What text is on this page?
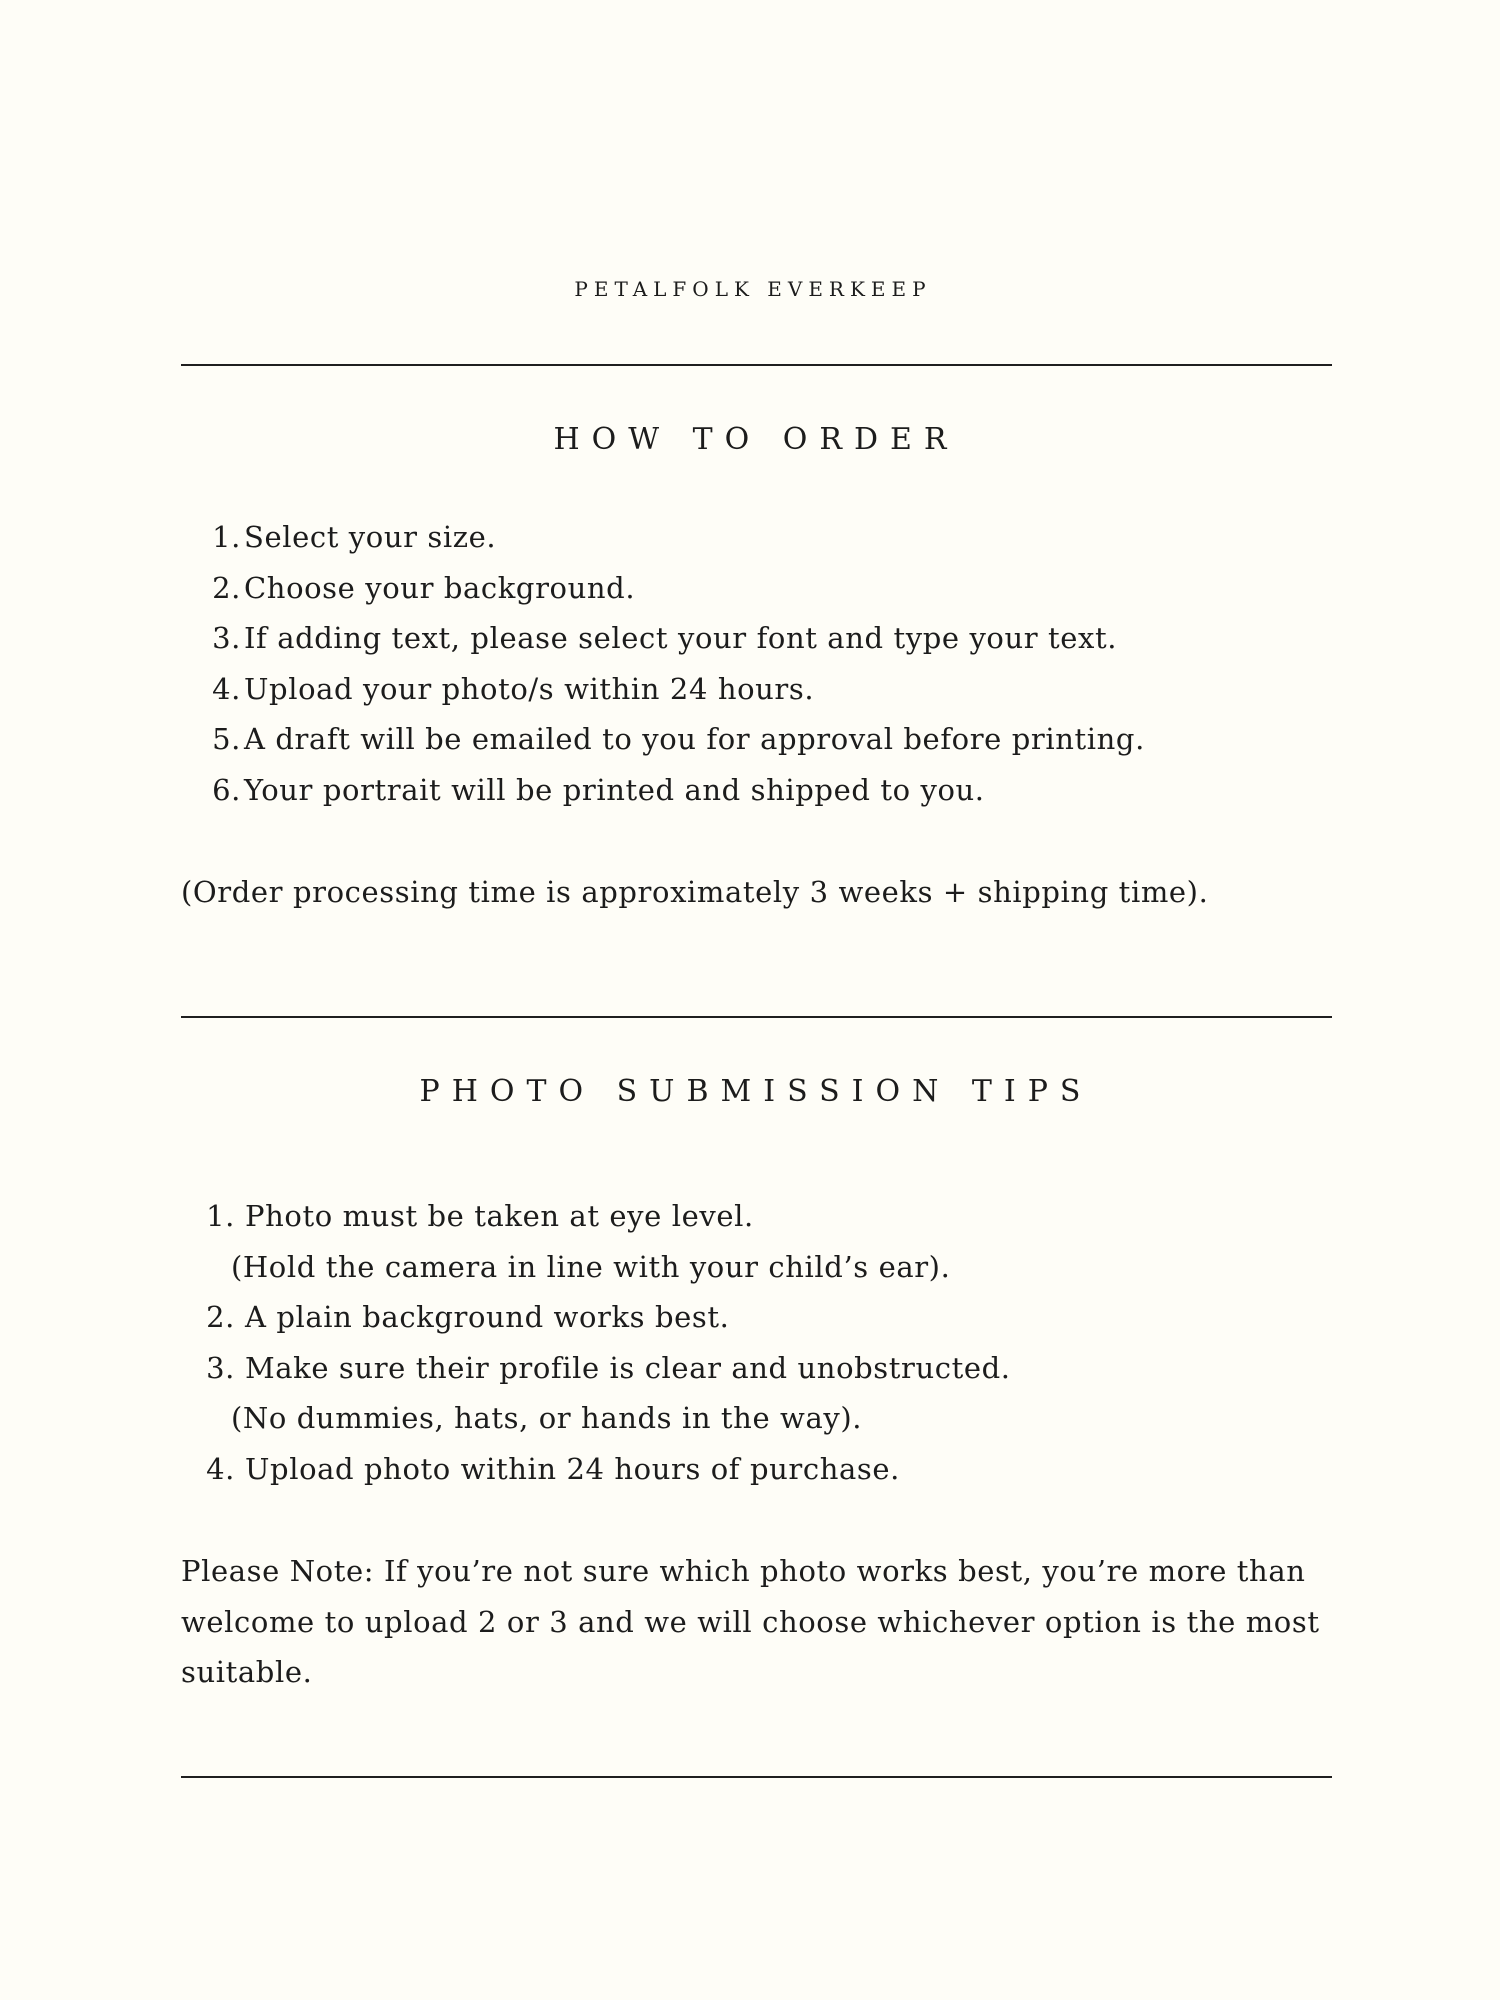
PETALFOLK EVERKEEP
HOW TO ORDER
1. Select your size.
2. Choose your background.
3. If adding text, please select your font and type your text.
4. Upload your photo/s within 24 hours.
5. A draft will be emailed to you for approval before printing.
6. Your portrait will be printed and shipped to you.

(Order processing time is approximately 3 weeks + shipping time).

PHOTO SUBMISSION TIPS
1. Photo must be taken at eye level.
(Hold the camera in line with your child’s ear).
2. A plain background works best.
3. Make sure their profile is clear and unobstructed.
(No dummies, hats, or hands in the way).
4. Upload photo within 24 hours of purchase.

Please Note: If you’re not sure which photo works best, you’re more than welcome to upload 2 or 3 and we will choose whichever option is the most suitable.
